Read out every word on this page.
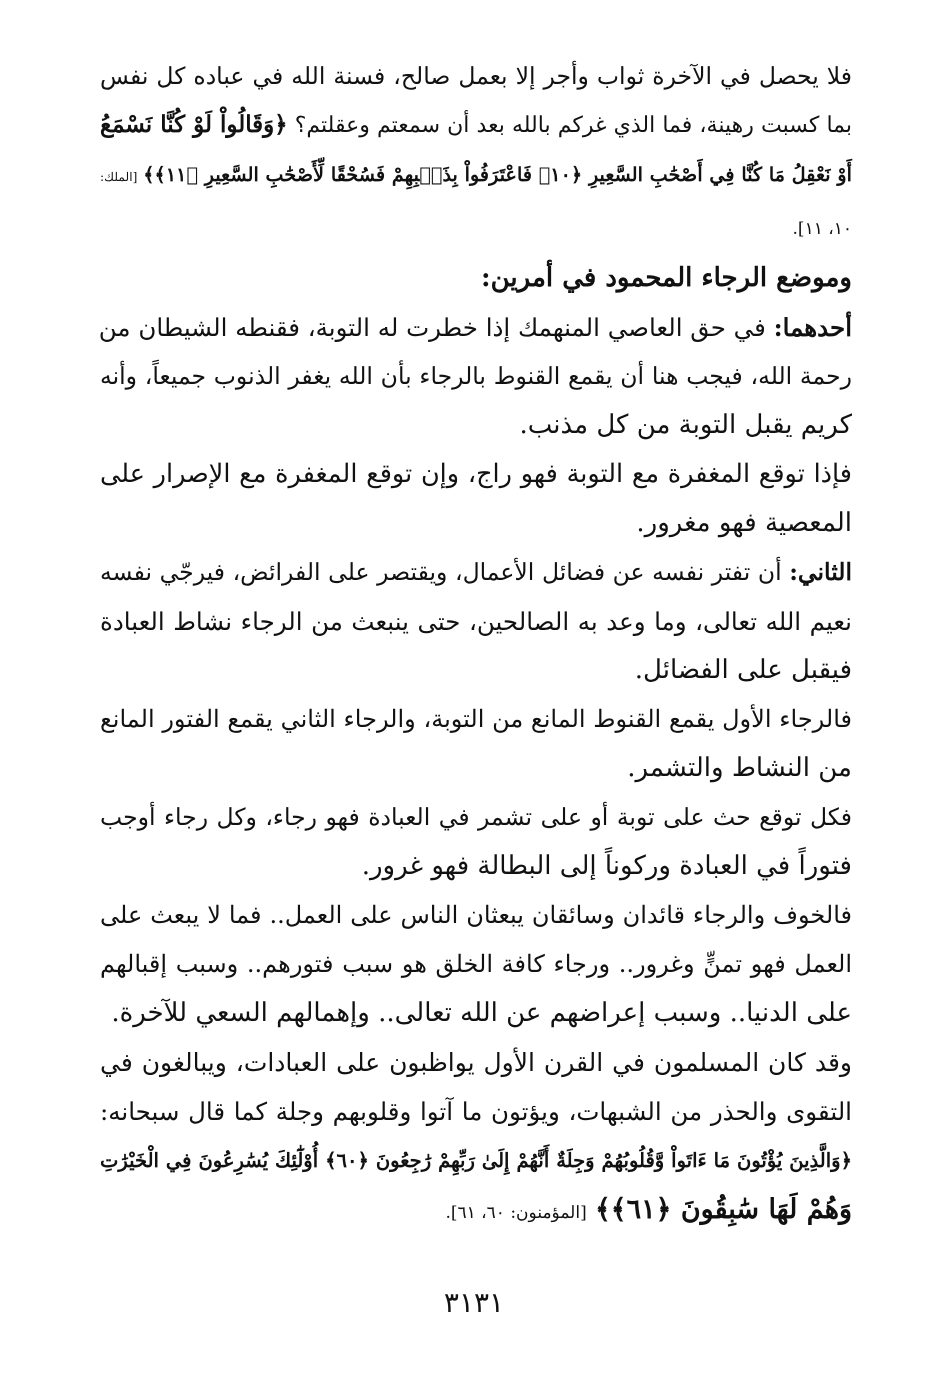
فلا يحصل في الآخرة ثواب وأجر إلا بعمل صالح، فسنة الله في عباده كل نفس
بما كسبت رهينة، فما الذي غركم بالله بعد أن سمعتم وعقلتم؟ ﴿وَقَالُواْ لَوْ كُنَّا نَسْمَعُ
أَوْ نَعْقِلُ مَا كُنَّا فِي أَصْحَٰبِ السَّعِيرِ ﴿١٠﴾ فَاعْتَرَفُواْ بِذَنۢبِهِمْ فَسُحْقًا لِّأَصْحَٰبِ السَّعِيرِ ﴿١١﴾﴾ [الملك:
١٠، ١١].
وموضع الرجاء المحمود في أمرين:
أحدهما: في حق العاصي المنهمك إذا خطرت له التوبة، فقنطه الشيطان من
رحمة الله، فيجب هنا أن يقمع القنوط بالرجاء بأن الله يغفر الذنوب جميعاً، وأنه
كريم يقبل التوبة من كل مذنب.
فإذا توقع المغفرة مع التوبة فهو راج، وإن توقع المغفرة مع الإصرار على
المعصية فهو مغرور.
الثاني: أن تفتر نفسه عن فضائل الأعمال، ويقتصر على الفرائض، فيرجّي نفسه
نعيم الله تعالى، وما وعد به الصالحين، حتى ينبعث من الرجاء نشاط العبادة
فيقبل على الفضائل.
فالرجاء الأول يقمع القنوط المانع من التوبة، والرجاء الثاني يقمع الفتور المانع
من النشاط والتشمر.
فكل توقع حث على توبة أو على تشمر في العبادة فهو رجاء، وكل رجاء أوجب
فتوراً في العبادة وركوناً إلى البطالة فهو غرور.
فالخوف والرجاء قائدان وسائقان يبعثان الناس على العمل.. فما لا يبعث على
العمل فهو تمنٍّ وغرور.. ورجاء كافة الخلق هو سبب فتورهم.. وسبب إقبالهم
على الدنيا.. وسبب إعراضهم عن الله تعالى.. وإهمالهم السعي للآخرة.
وقد كان المسلمون في القرن الأول يواظبون على العبادات، ويبالغون في
التقوى والحذر من الشبهات، ويؤتون ما آتوا وقلوبهم وجلة كما قال سبحانه:
﴿وَالَّذِينَ يُؤْتُونَ مَا ءَاتَواْ وَّقُلُوبُهُمْ وَجِلَةٌ أَنَّهُمْ إِلَىٰ رَبِّهِمْ رَٰجِعُونَ ﴿٦٠﴾ أُوْلَٰٓئِكَ يُسَٰرِعُونَ فِي الْخَيْرَٰتِ
وَهُمْ لَهَا سَٰبِقُونَ ﴿٦١﴾﴾ [المؤمنون: ٦٠، ٦١].
٣١٣١
